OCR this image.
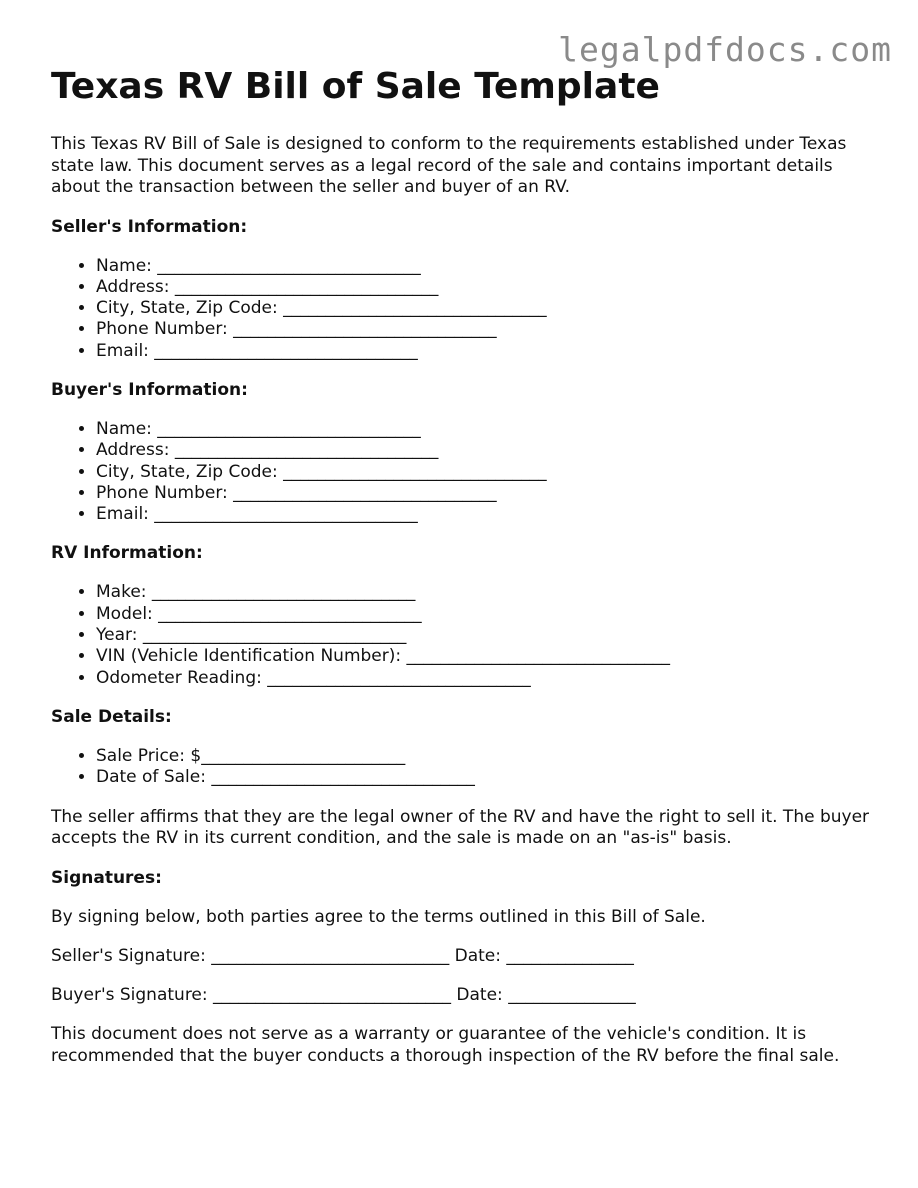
legalpdfdocs.com
Texas RV Bill of Sale Template

This Texas RV Bill of Sale is designed to conform to the requirements established under Texas state law. This document serves as a legal record of the sale and contains important details about the transaction between the seller and buyer of an RV.

Seller's Information:
• Name: _______________________________
• Address: _______________________________
• City, State, Zip Code: _______________________________
• Phone Number: _______________________________
• Email: _______________________________
Buyer's Information:
• Name: _______________________________
• Address: _______________________________
• City, State, Zip Code: _______________________________
• Phone Number: _______________________________
• Email: _______________________________
RV Information:
• Make: _______________________________
• Model: _______________________________
• Year: _______________________________
• VIN (Vehicle Identification Number): _______________________________
• Odometer Reading: _______________________________
Sale Details:
• Sale Price: $________________________
• Date of Sale: _______________________________

The seller affirms that they are the legal owner of the RV and have the right to sell it. The buyer accepts the RV in its current condition, and the sale is made on an "as-is" basis.

Signatures:

By signing below, both parties agree to the terms outlined in this Bill of Sale.

Seller's Signature: ____________________________ Date: _______________
Buyer's Signature: ____________________________ Date: _______________

This document does not serve as a warranty or guarantee of the vehicle's condition. It is recommended that the buyer conducts a thorough inspection of the RV before the final sale.
